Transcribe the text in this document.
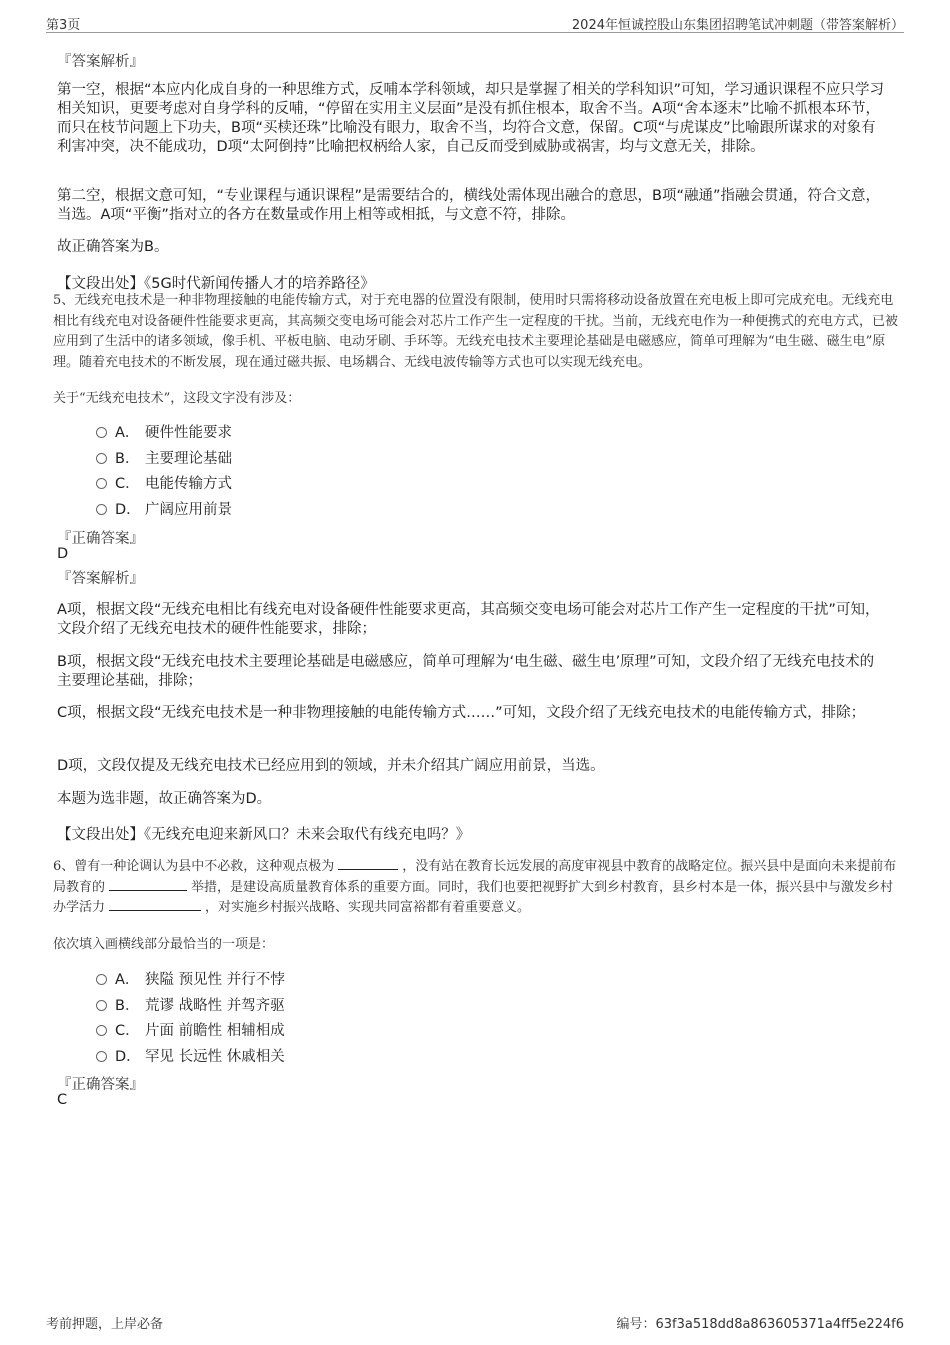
第3页	2024年恒诚控股山东集团招聘笔试冲刺题（带答案解析）

『答案解析』

第一空，根据“本应内化成自身的一种思维方式，反哺本学科领域，却只是掌握了相关的学科知识”可知，学习通识课程不应只学习相关知识，更要考虑对自身学科的反哺，“停留在实用主义层面”是没有抓住根本，取舍不当。A项“舍本逐末”比喻不抓根本环节，而只在枝节问题上下功夫，B项“买椟还珠”比喻没有眼力，取舍不当，均符合文意，保留。C项“与虎谋皮”比喻跟所谋求的对象有利害冲突，决不能成功，D项“太阿倒持”比喻把权柄给人家，自己反而受到威胁或祸害，均与文意无关，排除。

第二空，根据文意可知，“专业课程与通识课程”是需要结合的，横线处需体现出融合的意思，B项“融通”指融会贯通，符合文意，当选。A项“平衡”指对立的各方在数量或作用上相等或相抵，与文意不符，排除。

故正确答案为B。

【文段出处】《5G时代新闻传播人才的培养路径》

5、无线充电技术是一种非物理接触的电能传输方式，对于充电器的位置没有限制，使用时只需将移动设备放置在充电板上即可完成充电。无线充电相比有线充电对设备硬件性能要求更高，其高频交变电场可能会对芯片工作产生一定程度的干扰。当前，无线充电作为一种便携式的充电方式，已被应用到了生活中的诸多领域，像手机、平板电脑、电动牙刷、手环等。无线充电技术主要理论基础是电磁感应，简单可理解为“电生磁、磁生电”原理。随着充电技术的不断发展，现在通过磁共振、电场耦合、无线电波传输等方式也可以实现无线充电。

关于“无线充电技术”，这段文字没有涉及：

A． 硬件性能要求
B． 主要理论基础
C． 电能传输方式
D． 广阔应用前景

『正确答案』

D

『答案解析』

A项，根据文段“无线充电相比有线充电对设备硬件性能要求更高，其高频交变电场可能会对芯片工作产生一定程度的干扰”可知，文段介绍了无线充电技术的硬件性能要求，排除；

B项，根据文段“无线充电技术主要理论基础是电磁感应，简单可理解为‘电生磁、磁生电’原理”可知，文段介绍了无线充电技术的主要理论基础，排除；

C项，根据文段“无线充电技术是一种非物理接触的电能传输方式……”可知，文段介绍了无线充电技术的电能传输方式，排除；

D项，文段仅提及无线充电技术已经应用到的领域，并未介绍其广阔应用前景，当选。

本题为选非题，故正确答案为D。

【文段出处】《无线充电迎来新风口？未来会取代有线充电吗？》

6、曾有一种论调认为县中不必救，这种观点极为	，没有站在教育长远发展的高度审视县中教育的战略定位。振兴县中是面向未来提前布局教育的	举措，是建设高质量教育体系的重要方面。同时，我们也要把视野扩大到乡村教育，县乡村本是一体，振兴县中与激发乡村办学活力	，对实施乡村振兴战略、实现共同富裕都有着重要意义。

依次填入画横线部分最恰当的一项是：

A． 狭隘 预见性 并行不悖
B． 荒谬 战略性 并驾齐驱
C． 片面 前瞻性 相辅相成
D． 罕见 长远性 休戚相关

『正确答案』

C

考前押题，上岸必备	编号：63f3a518dd8a863605371a4ff5e224f6
